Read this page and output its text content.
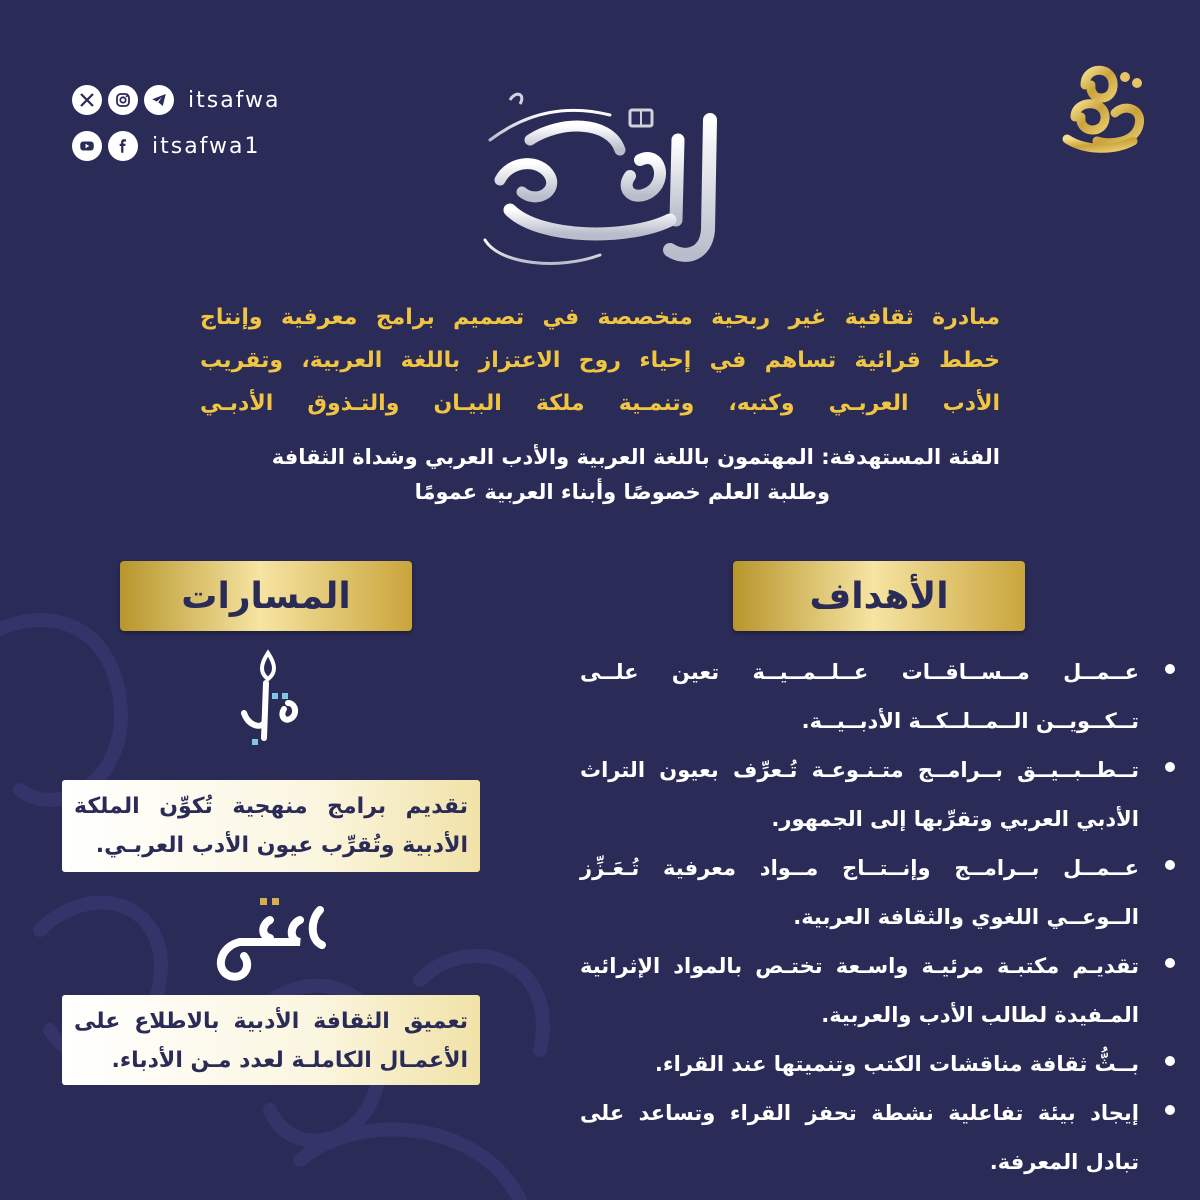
itsafwa
itsafwa1

مبادرة ثقافية غير ربحية متخصصة في تصميم برامج معرفية وإنتاج

خطط قرائية تساهم في إحياء روح الاعتزاز باللغة العربية، وتقريب

الأدب العربـي وكتبه، وتنمـية ملكة البيـان والتـذوق الأدبـي

الفئة المستهدفة: المهتمون باللغة العربية والأدب العربي وشداة الثقافة

وطلبة العلم خصوصًا وأبناء العربية عمومًا

الأهداف
المسارات
عــمــل مــســاقــات عــلــمــيــة تعين علــى تــكــويــن الــمــلــكــة الأدبــيــة.
تــطــبــيــق بــرامــج متـنـوعـة تُـعرِّف بعيون التراث الأدبي العربي وتقرِّبها إلى الجمهور.
عــمــل بــرامــج وإنــتــاج مــواد معرفية تُـعَـزِّز الــوعــي اللغوي والثقافة العربية.
تقديـم مكتبـة مرئيـة واسـعة تختـص بالمواد الإثرائية المـفيدة لطالب الأدب والعربية.
بــثُّ ثقافة مناقشات الكتب وتنميتها عند القراء.
إيجاد بيئة تفاعلية نشطة تحفز القراء وتساعد على تبادل المعرفة.
تقديم برامج منهجية تُكوِّن الملكة الأدبية وتُقرِّب عيون الأدب العربـي.
تعميق الثقافة الأدبية بالاطلاع على الأعمـال الكاملـة لعدد مـن الأدباء.
